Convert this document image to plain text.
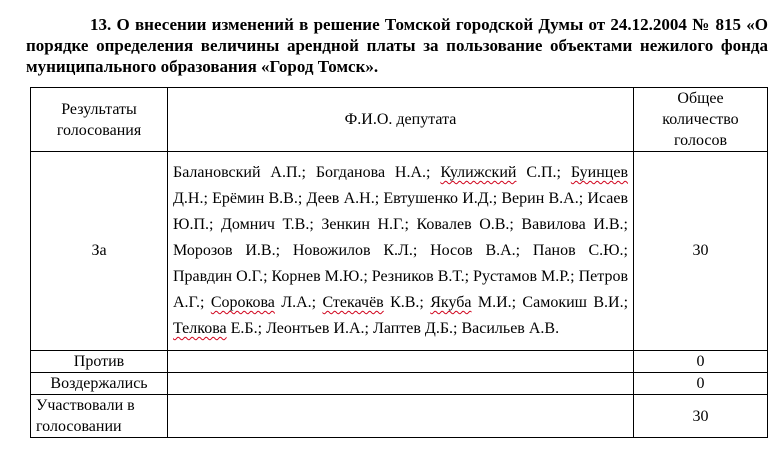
13. О внесении изменений в решение Томской городской Думы от 24.12.2004 № 815 «О порядке определения величины арендной платы за пользование объектами нежилого фонда муниципального образования «Город Томск».
Результаты голосования	Ф.И.О. депутата	Общее количество голосов
За	Балановский А.П.; Богданова Н.А.; Кулижский С.П.; Буинцев Д.Н.; Ерёмин В.В.; Деев А.Н.; Евтушенко И.Д.; Верин В.А.; Исаев Ю.П.; Домнич Т.В.; Зенкин Н.Г.; Ковалев О.В.; Вавилова И.В.; Морозов И.В.; Новожилов К.Л.; Носов В.А.; Панов С.Ю.; Правдин О.Г.; Корнев М.Ю.; Резников В.Т.; Рустамов М.Р.; Петров А.Г.; Сорокова Л.А.; Стекачёв К.В.; Якуба М.И.; Самокиш В.И.; Телкова Е.Б.; Леонтьев И.А.; Лаптев Д.Б.; Васильев А.В.	30
Против		0
Воздержались		0
Участвовали в голосовании		30
